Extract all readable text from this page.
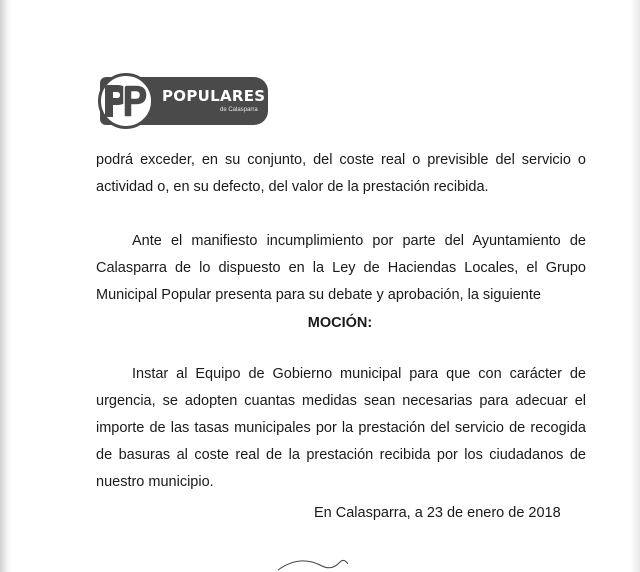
POPULARES
de Calasparra
podrá exceder, en su conjunto, del coste real o previsible del servicio o
actividad o, en su defecto, del valor de la prestación recibida.
Ante el manifiesto incumplimiento por parte del Ayuntamiento de
Calasparra de lo dispuesto en la Ley de Haciendas Locales, el Grupo
Municipal Popular presenta para su debate y aprobación, la siguiente
MOCIÓN:
Instar al Equipo de Gobierno municipal para que con carácter de
urgencia, se adopten cuantas medidas sean necesarias para adecuar el
importe de las tasas municipales por la prestación del servicio de recogida
de basuras al coste real de la prestación recibida por los ciudadanos de
nuestro municipio.
En Calasparra, a 23 de enero de 2018
